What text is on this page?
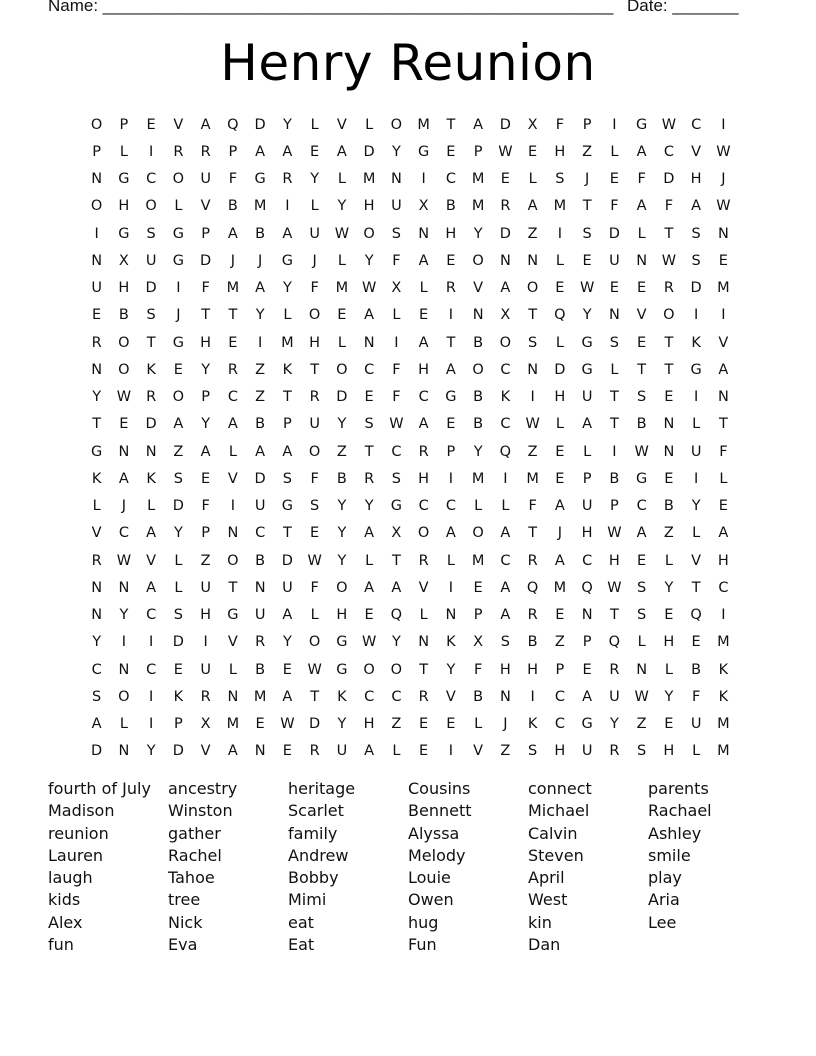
Name: ______________________________________________________ Date: _______
Henry Reunion
O	P	E	V	A	Q	D	Y	L	V	L	O	M	T	A	D	X	F	P	I	G W	C	I
P	L	I	R	R	P	A	A	E	A	D	Y	G	E	P	W	E	H	Z	L	A	C	V	W
N	G	C	O	U	F	G	R	Y	L	M	N	I	C	M	E	L	S	J	E	F	D	H	J
O	H	O	L	V	B	M	I	L	Y	H	U	X	B	M	R	A	M	T	F	A	F	A	W
I	G	S	G	P	A	B	A	U	W O	S	N	H	Y	D	Z	I	S	D	L	T	S	N
N	X	U	G	D	J	J	G	J	L	Y	F	A	E	O	N	N	L	E	U	N	W	S	E
U	H	D	I	F	M	A	Y	F	M W	X	L	R	V	A	O	E	W	E	E	R	D	M
E	B	S	J	T	T	Y	L	O	E	A	L	E	I	N	X	T	Q	Y	N	V	O	I	I
R	O	T	G	H	E	I	M	H	L	N	I	A	T	B	O	S	L	G	S	E	T	K	V
N	O	K	E	Y	R	Z	K	T	O	C	F	H	A	O	C	N	D	G	L	T	T	G	A
Y	W	R	O	P	C	Z	T	R	D	E	F	C	G	B	K	I	H	U	T	S	E	I	N
T	E	D	A	Y	A	B	P	U	Y	S	W	A	E	B	C	W	L	A	T	B	N	L	T
G	N	N	Z	A	L	A	A	O	Z	T	C	R	P	Y	Q	Z	E	L	I	W	N	U	F
K	A	K	S	E	V	D	S	F	B	R	S	H	I	M	I	M	E	P	B	G	E	I	L
L	J	L	D	F	I	U	G	S	Y	Y	G	C	C	L	L	F	A	U	P	C	B	Y	E
V	C	A	Y	P	N	C	T	E	Y	A	X	O	A	O	A	T	J	H	W	A	Z	L	A
R	W	V	L	Z	O	B	D	W	Y	L	T	R	L	M	C	R	A	C	H	E	L	V	H
N	N	A	L	U	T	N	U	F	O	A	A	V	I	E	A	Q	M	Q W	S	Y	T	C
N	Y	C	S	H	G	U	A	L	H	E	Q	L	N	P	A	R	E	N	T	S	E	Q	I
Y	I	I	D	I	V	R	Y	O	G W	Y	N	K	X	S	B	Z	P	Q	L	H	E	M
C	N	C	E	U	L	B	E	W G	O	O	T	Y	F	H	H	P	E	R	N	L	B	K
S	O	I	K	R	N	M	A	T	K	C	C	R	V	B	N	I	C	A	U	W	Y	F	K
A	L	I	P	X	M	E	W D	Y	H	Z	E	E	L	J	K	C	G	Y	Z	E	U	M
D	N	Y	D	V	A	N	E	R	U	A	L	E	I	V	Z	S	H	U	R	S	H	L	M
fourth of July	ancestry	heritage	Cousins	connect	parents
Madison	Winston	Scarlet	Bennett	Michael	Rachael
reunion	gather	family	Alyssa	Calvin	Ashley
Lauren	Rachel	Andrew	Melody	Steven	smile
laugh	Tahoe	Bobby	Louie	April	play
kids	tree	Mimi	Owen	West	Aria
Alex	Nick	eat	hug	kin	Lee
fun	Eva	Eat	Fun	Dan
